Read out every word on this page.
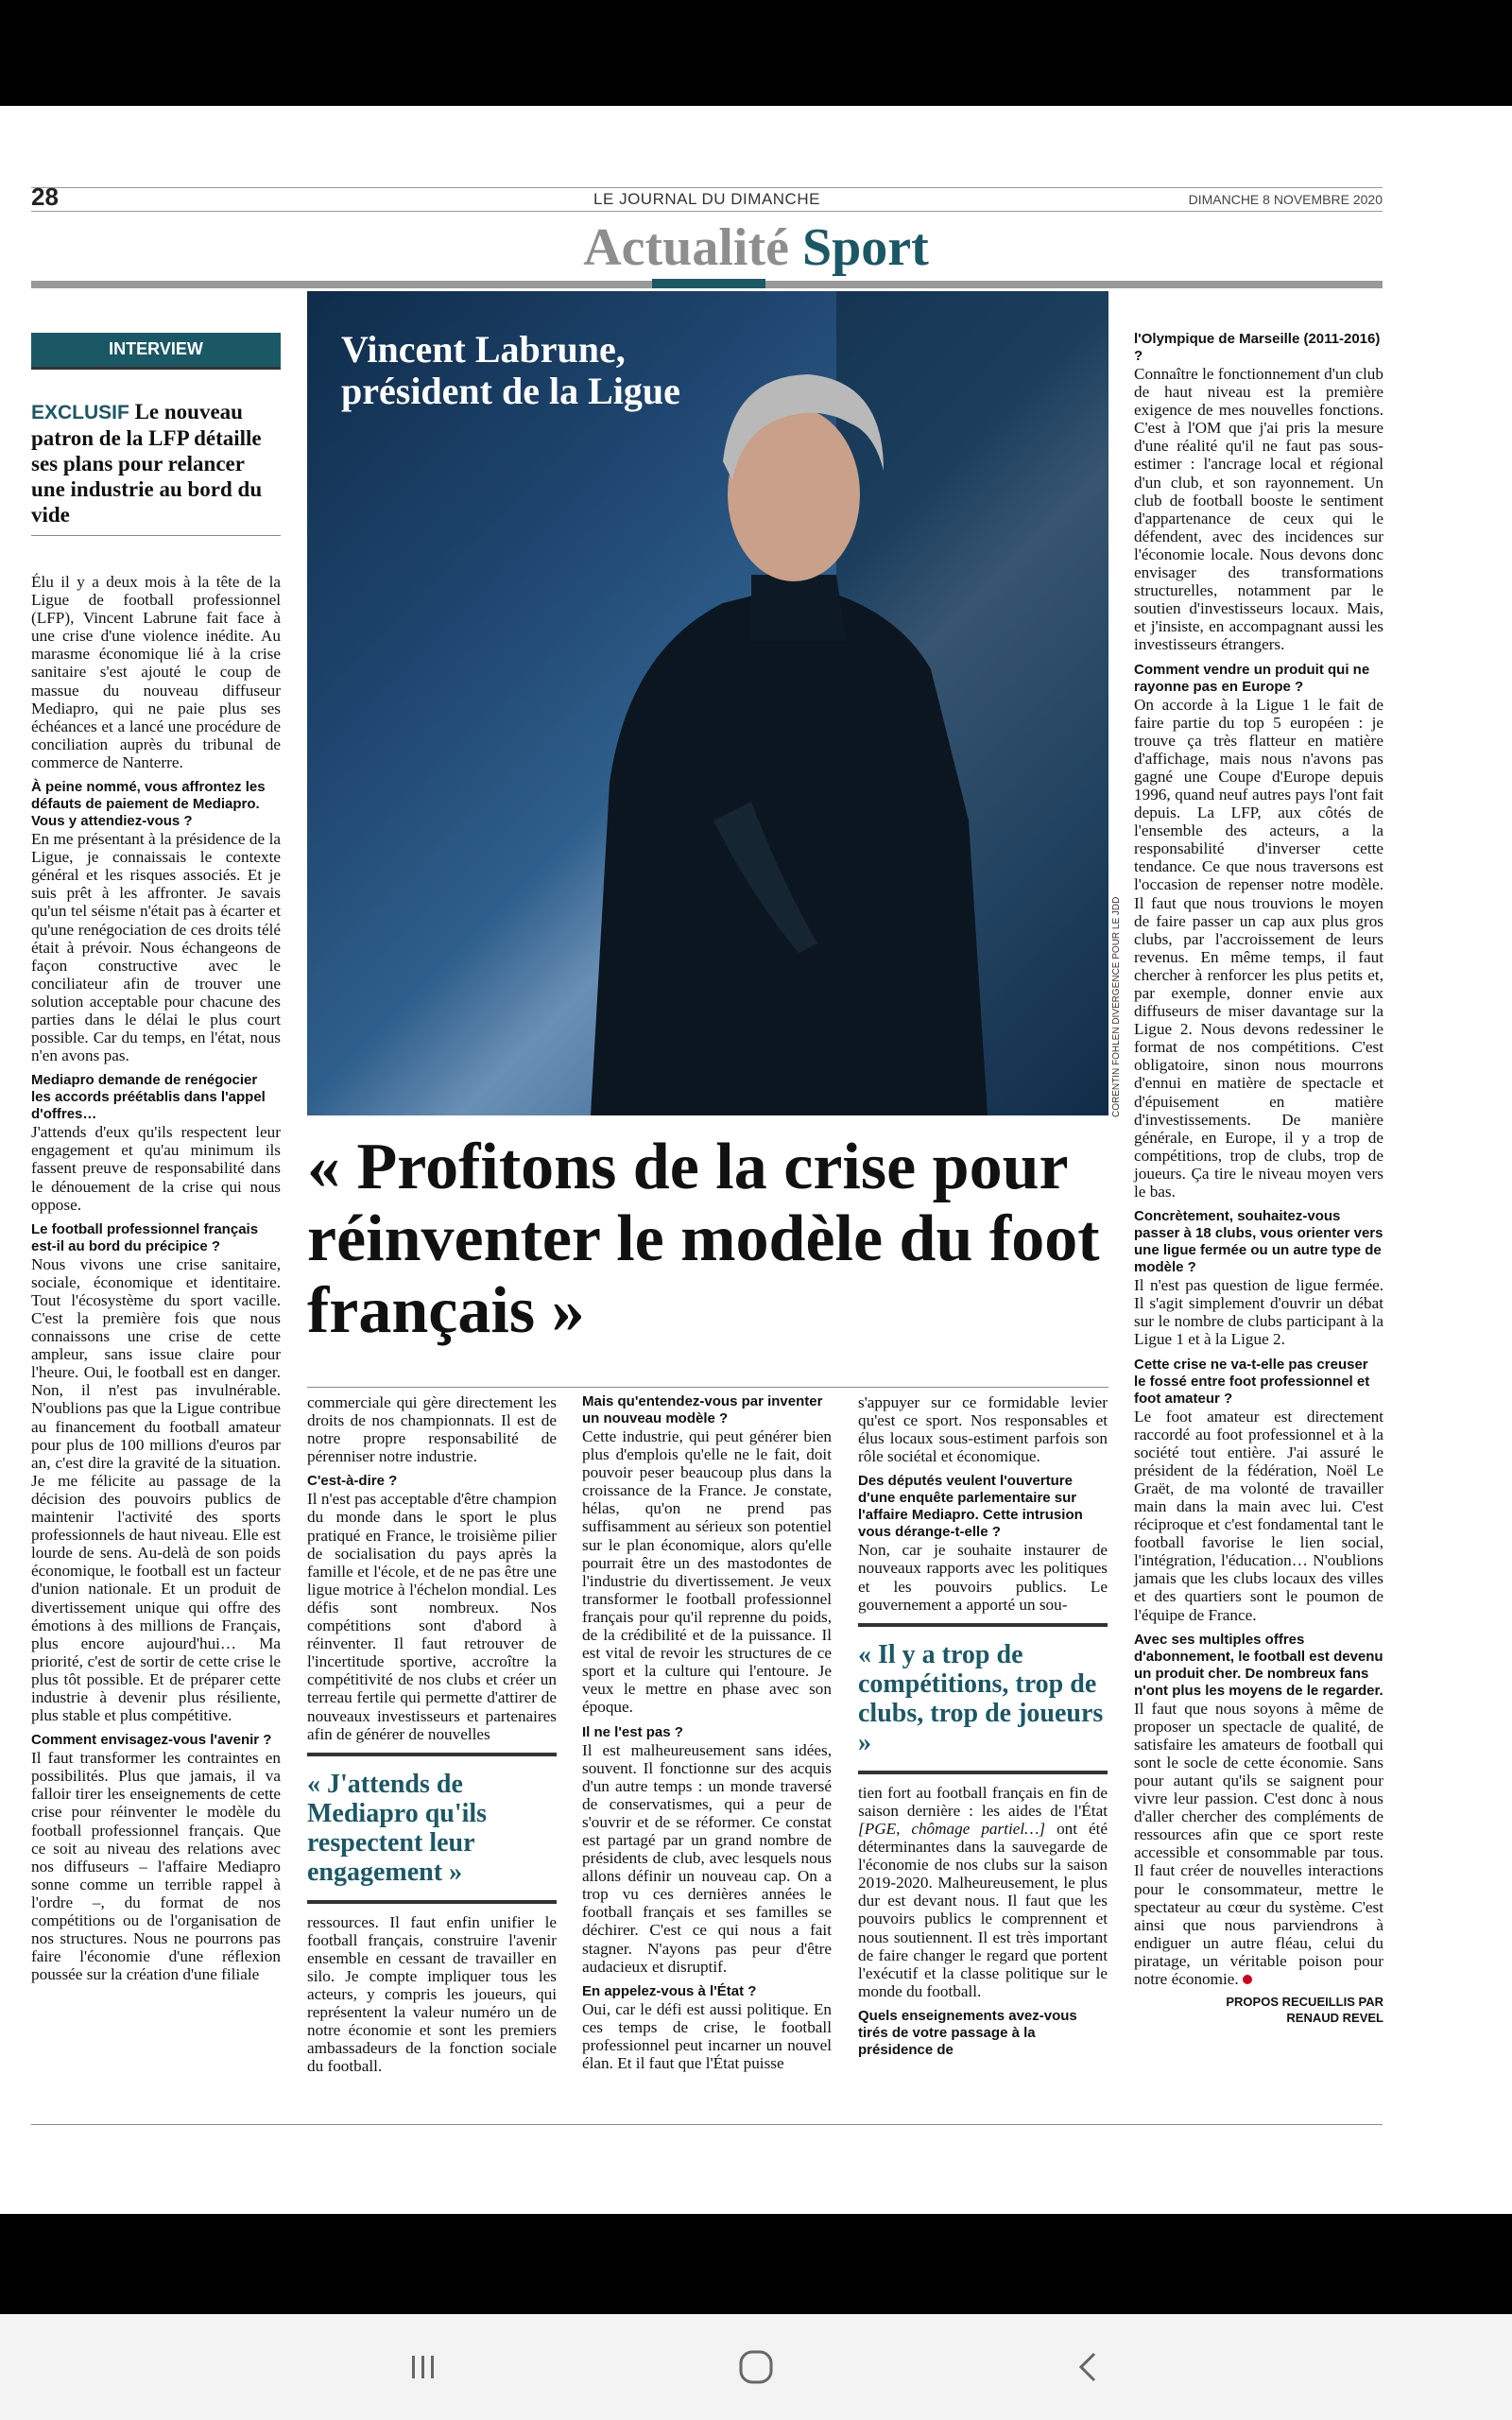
28	LE JOURNAL DU DIMANCHE	DIMANCHE 8 NOVEMBRE 2020
Actualité Sport
INTERVIEW
EXCLUSIF Le nouveau patron de la LFP détaille ses plans pour relancer une industrie au bord du vide

Élu il y a deux mois à la tête de la Ligue de football professionnel (LFP), Vincent Labrune fait face à une crise d'une violence inédite. Au marasme économique lié à la crise sanitaire s'est ajouté le coup de massue du nouveau diffuseur Mediapro, qui ne paie plus ses échéances et a lancé une procédure de conciliation auprès du tribunal de commerce de Nanterre.

À peine nommé, vous affrontez les défauts de paiement de Mediapro. Vous y attendiez-vous ?

En me présentant à la présidence de la Ligue, je connaissais le contexte général et les risques associés. Et je suis prêt à les affronter. Je savais qu'un tel séisme n'était pas à écarter et qu'une renégociation de ces droits télé était à prévoir. Nous échangeons de façon constructive avec le conciliateur afin de trouver une solution acceptable pour chacune des parties dans le délai le plus court possible. Car du temps, en l'état, nous n'en avons pas.

Mediapro demande de renégocier les accords préétablis dans l'appel d'offres…

J'attends d'eux qu'ils respectent leur engagement et qu'au minimum ils fassent preuve de responsabilité dans le dénouement de la crise qui nous oppose.

Le football professionnel français est-il au bord du précipice ?

Nous vivons une crise sanitaire, sociale, économique et identitaire. Tout l'écosystème du sport vacille. C'est la première fois que nous connaissons une crise de cette ampleur, sans issue claire pour l'heure. Oui, le football est en danger. Non, il n'est pas invulnérable. N'oublions pas que la Ligue contribue au financement du football amateur pour plus de 100 millions d'euros par an, c'est dire la gravité de la situation. Je me félicite au passage de la décision des pouvoirs publics de maintenir l'activité des sports professionnels de haut niveau. Elle est lourde de sens. Au-delà de son poids économique, le football est un facteur d'union nationale. Et un produit de divertissement unique qui offre des émotions à des millions de Français, plus encore aujourd'hui… Ma priorité, c'est de sortir de cette crise le plus tôt possible. Et de préparer cette industrie à devenir plus résiliente, plus stable et plus compétitive.

Comment envisagez-vous l'avenir ?

Il faut transformer les contraintes en possibilités. Plus que jamais, il va falloir tirer les enseignements de cette crise pour réinventer le modèle du football professionnel français. Que ce soit au niveau des relations avec nos diffuseurs – l'affaire Mediapro sonne comme un terrible rappel à l'ordre –, du format de nos compétitions ou de l'organisation de nos structures. Nous ne pourrons pas faire l'économie d'une réflexion poussée sur la création d'une filiale

Vincent Labrune,
président de la Ligue
CORENTIN FOHLEN DIVERGENCE POUR LE JDD
« Profitons de la crise pour réinventer le modèle du foot français »

commerciale qui gère directement les droits de nos championnats. Il est de notre propre responsabilité de pérenniser notre industrie.

C'est-à-dire ?

Il n'est pas acceptable d'être champion du monde dans le sport le plus pratiqué en France, le troisième pilier de socialisation du pays après la famille et l'école, et de ne pas être une ligue motrice à l'échelon mondial. Les défis sont nombreux. Nos compétitions sont d'abord à réinventer. Il faut retrouver de l'incertitude sportive, accroître la compétitivité de nos clubs et créer un terreau fertile qui permette d'attirer de nouveaux investisseurs et partenaires afin de générer de nouvelles

« J'attends de Mediapro qu'ils respectent leur engagement »

ressources. Il faut enfin unifier le football français, construire l'avenir ensemble en cessant de travailler en silo. Je compte impliquer tous les acteurs, y compris les joueurs, qui représentent la valeur numéro un de notre économie et sont les premiers ambassadeurs de la fonction sociale du football.

Mais qu'entendez-vous par inventer un nouveau modèle ?

Cette industrie, qui peut générer bien plus d'emplois qu'elle ne le fait, doit pouvoir peser beaucoup plus dans la croissance de la France. Je constate, hélas, qu'on ne prend pas suffisamment au sérieux son potentiel sur le plan économique, alors qu'elle pourrait être un des mastodontes de l'industrie du divertissement. Je veux transformer le football professionnel français pour qu'il reprenne du poids, de la crédibilité et de la puissance. Il est vital de revoir les structures de ce sport et la culture qui l'entoure. Je veux le mettre en phase avec son époque.

Il ne l'est pas ?

Il est malheureusement sans idées, souvent. Il fonctionne sur des acquis d'un autre temps : un monde traversé de conservatismes, qui a peur de s'ouvrir et de se réformer. Ce constat est partagé par un grand nombre de présidents de club, avec lesquels nous allons définir un nouveau cap. On a trop vu ces dernières années le football français et ses familles se déchirer. C'est ce qui nous a fait stagner. N'ayons pas peur d'être audacieux et disruptif.

En appelez-vous à l'État ?

Oui, car le défi est aussi politique. En ces temps de crise, le football professionnel peut incarner un nouvel élan. Et il faut que l'État puisse

s'appuyer sur ce formidable levier qu'est ce sport. Nos responsables et élus locaux sous-estiment parfois son rôle sociétal et économique.

Des députés veulent l'ouverture d'une enquête parlementaire sur l'affaire Mediapro. Cette intrusion vous dérange-t-elle ?

Non, car je souhaite instaurer de nouveaux rapports avec les politiques et les pouvoirs publics. Le gouvernement a apporté un sou-

« Il y a trop de compétitions, trop de clubs, trop de joueurs »

tien fort au football français en fin de saison dernière : les aides de l'État [PGE, chômage partiel…] ont été déterminantes dans la sauvegarde de l'économie de nos clubs sur la saison 2019-2020. Malheureusement, le plus dur est devant nous. Il faut que les pouvoirs publics le comprennent et nous soutiennent. Il est très important de faire changer le regard que portent l'exécutif et la classe politique sur le monde du football.

Quels enseignements avez-vous tirés de votre passage à la présidence de
l'Olympique de Marseille (2011-2016) ?

Connaître le fonctionnement d'un club de haut niveau est la première exigence de mes nouvelles fonctions. C'est à l'OM que j'ai pris la mesure d'une réalité qu'il ne faut pas sous-estimer : l'ancrage local et régional d'un club, et son rayonnement. Un club de football booste le sentiment d'appartenance de ceux qui le défendent, avec des incidences sur l'économie locale. Nous devons donc envisager des transformations structurelles, notamment par le soutien d'investisseurs locaux. Mais, et j'insiste, en accompagnant aussi les investisseurs étrangers.

Comment vendre un produit qui ne rayonne pas en Europe ?

On accorde à la Ligue 1 le fait de faire partie du top 5 européen : je trouve ça très flatteur en matière d'affichage, mais nous n'avons pas gagné une Coupe d'Europe depuis 1996, quand neuf autres pays l'ont fait depuis. La LFP, aux côtés de l'ensemble des acteurs, a la responsabilité d'inverser cette tendance. Ce que nous traversons est l'occasion de repenser notre modèle. Il faut que nous trouvions le moyen de faire passer un cap aux plus gros clubs, par l'accroissement de leurs revenus. En même temps, il faut chercher à renforcer les plus petits et, par exemple, donner envie aux diffuseurs de miser davantage sur la Ligue 2. Nous devons redessiner le format de nos compétitions. C'est obligatoire, sinon nous mourrons d'ennui en matière de spectacle et d'épuisement en matière d'investissements. De manière générale, en Europe, il y a trop de compétitions, trop de clubs, trop de joueurs. Ça tire le niveau moyen vers le bas.

Concrètement, souhaitez-vous passer à 18 clubs, vous orienter vers une ligue fermée ou un autre type de modèle ?

Il n'est pas question de ligue fermée. Il s'agit simplement d'ouvrir un débat sur le nombre de clubs participant à la Ligue 1 et à la Ligue 2.

Cette crise ne va-t-elle pas creuser le fossé entre foot professionnel et foot amateur ?

Le foot amateur est directement raccordé au foot professionnel et à la société tout entière. J'ai assuré le président de la fédération, Noël Le Graët, de ma volonté de travailler main dans la main avec lui. C'est réciproque et c'est fondamental tant le football favorise le lien social, l'intégration, l'éducation… N'oublions jamais que les clubs locaux des villes et des quartiers sont le poumon de l'équipe de France.

Avec ses multiples offres d'abonnement, le football est devenu un produit cher. De nombreux fans n'ont plus les moyens de le regarder.

Il faut que nous soyons à même de proposer un spectacle de qualité, de satisfaire les amateurs de football qui sont le socle de cette économie. Sans pour autant qu'ils se saignent pour vivre leur passion. C'est donc à nous d'aller chercher des compléments de ressources afin que ce sport reste accessible et consommable par tous. Il faut créer de nouvelles interactions pour le consommateur, mettre le spectateur au cœur du système. C'est ainsi que nous parviendrons à endiguer un autre fléau, celui du piratage, un véritable poison pour notre économie.

PROPOS RECUEILLIS PAR
RENAUD REVEL
